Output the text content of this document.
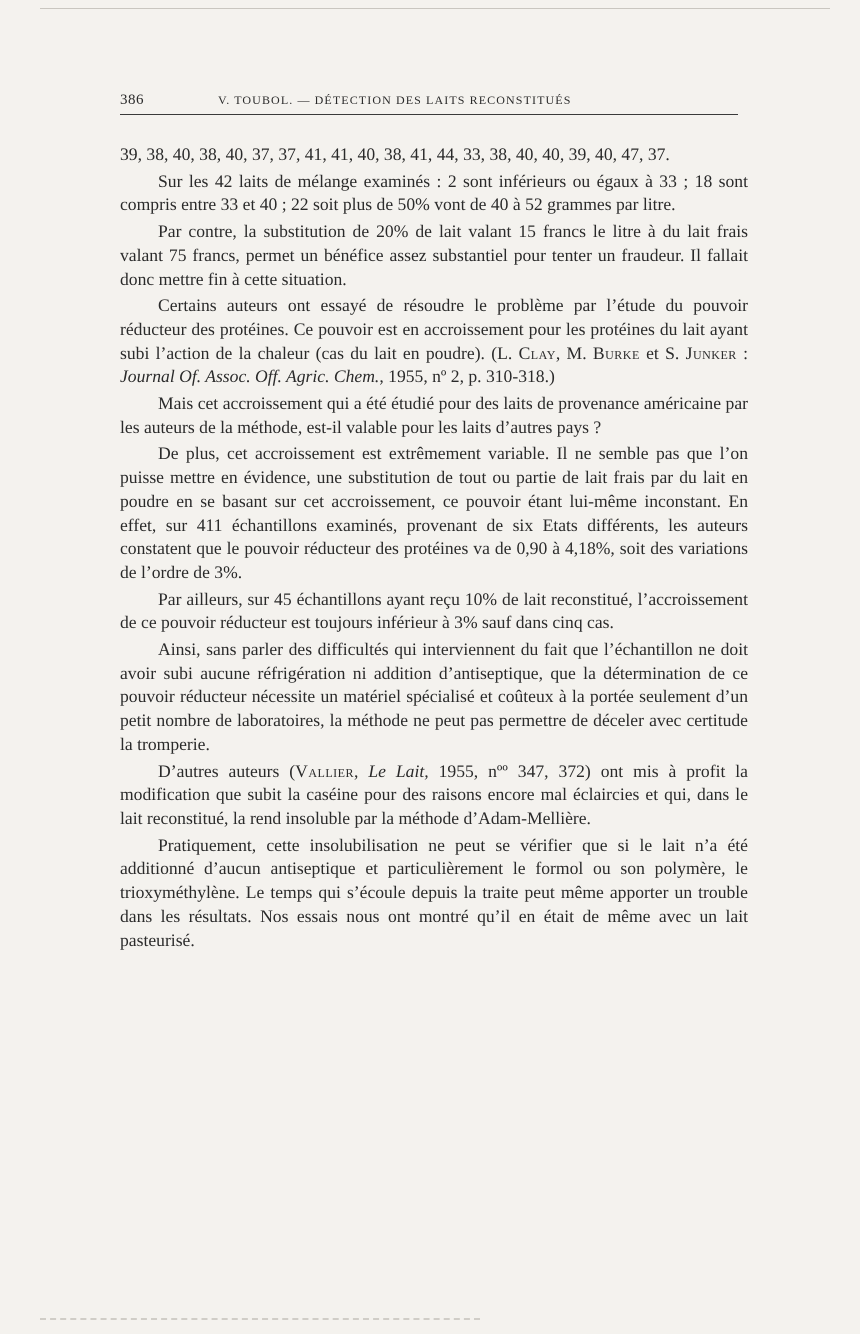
386	V. TOUBOL. — DÉTECTION DES LAITS RECONSTITUÉS

39, 38, 40, 38, 40, 37, 37, 41, 41, 40, 38, 41, 44, 33, 38, 40, 40, 39, 40, 47, 37.

Sur les 42 laits de mélange examinés : 2 sont inférieurs ou égaux à 33 ; 18 sont compris entre 33 et 40 ; 22 soit plus de 50% vont de 40 à 52 grammes par litre.

Par contre, la substitution de 20% de lait valant 15 francs le litre à du lait frais valant 75 francs, permet un bénéfice assez substantiel pour tenter un fraudeur. Il fallait donc mettre fin à cette situation.

Certains auteurs ont essayé de résoudre le problème par l’étude du pouvoir réducteur des protéines. Ce pouvoir est en accroissement pour les protéines du lait ayant subi l’action de la chaleur (cas du lait en poudre). (L. Clay, M. Burke et S. Junker : Journal Of. Assoc. Off. Agric. Chem., 1955, nº 2, p. 310-318.)

Mais cet accroissement qui a été étudié pour des laits de provenance américaine par les auteurs de la méthode, est-il valable pour les laits d’autres pays ?

De plus, cet accroissement est extrêmement variable. Il ne semble pas que l’on puisse mettre en évidence, une substitution de tout ou partie de lait frais par du lait en poudre en se basant sur cet accroissement, ce pouvoir étant lui-même inconstant. En effet, sur 411 échantillons examinés, provenant de six Etats différents, les auteurs constatent que le pouvoir réducteur des protéines va de 0,90 à 4,18%, soit des variations de l’ordre de 3%.

Par ailleurs, sur 45 échantillons ayant reçu 10% de lait reconstitué, l’accroissement de ce pouvoir réducteur est toujours inférieur à 3% sauf dans cinq cas.

Ainsi, sans parler des difficultés qui interviennent du fait que l’échantillon ne doit avoir subi aucune réfrigération ni addition d’antiseptique, que la détermination de ce pouvoir réducteur nécessite un matériel spécialisé et coûteux à la portée seulement d’un petit nombre de laboratoires, la méthode ne peut pas permettre de déceler avec certitude la tromperie.

D’autres auteurs (Vallier, Le Lait, 1955, nºº 347, 372) ont mis à profit la modification que subit la caséine pour des raisons encore mal éclaircies et qui, dans le lait reconstitué, la rend insoluble par la méthode d’Adam-Mellière.

Pratiquement, cette insolubilisation ne peut se vérifier que si le lait n’a été additionné d’aucun antiseptique et particulièrement le formol ou son polymère, le trioxyméthylène. Le temps qui s’écoule depuis la traite peut même apporter un trouble dans les résultats. Nos essais nous ont montré qu’il en était de même avec un lait pasteurisé.
